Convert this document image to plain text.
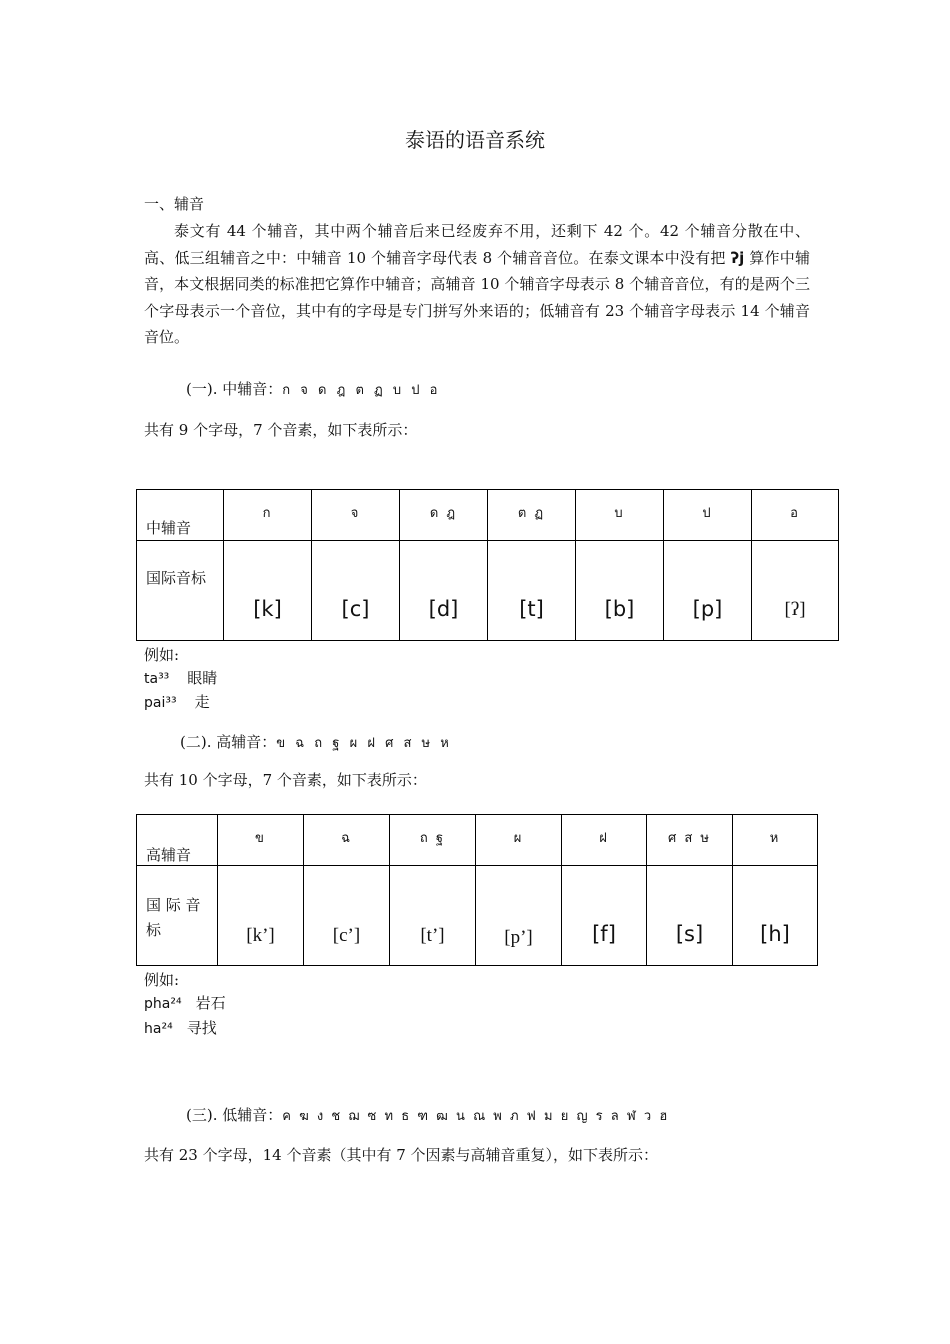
泰语的语音系统
一、辅音
泰文有 44 个辅音，其中两个辅音后来已经废弃不用，还剩下 42 个。42 个辅音分散在中、高、低三组辅音之中：中辅音 10 个辅音字母代表 8 个辅音音位。在泰文课本中没有把 ʔj 算作中辅音，本文根据同类的标准把它算作中辅音；高辅音 10 个辅音字母表示 8 个辅音音位，有的是两个三个字母表示一个音位，其中有的字母是专门拼写外来语的；低辅音有 23 个辅音字母表示 14 个辅音音位。
(一). 中辅音：ก จ ด ฎ ต ฏ บ ป อ
共有 9 个字母，7 个音素，如下表所示：
中辅音	ก	จ	ด ฎ	ต ฏ	บ	ป	อ

国际音标	[k]	[c]	[d]	[t]	[b]	[p]	[ʔ]
例如:
ta³³ 眼睛
pai³³ 走
(二). 高辅音：ข ฉ ถ ฐ ผ ฝ ศ ส ษ ห
共有 10 个字母，7 个音素，如下表所示：
高辅音	ข	ฉ	ถ ฐ	ผ	ฝ	ศ ส ษ	ห

国 际 音
标	[k’]	[c’]	[t’]	[p’]	[f]	[s]	[h]
例如:
pha²⁴ 岩石
ha²⁴ 寻找
(三). 低辅音：ค ฆ ง ช ฌ ซ ท ธ ฑ ฒ น ณ พ ภ ฟ ม ย ญ ร ล ฬ ว ฮ
共有 23 个字母，14 个音素（其中有 7 个因素与高辅音重复），如下表所示：
